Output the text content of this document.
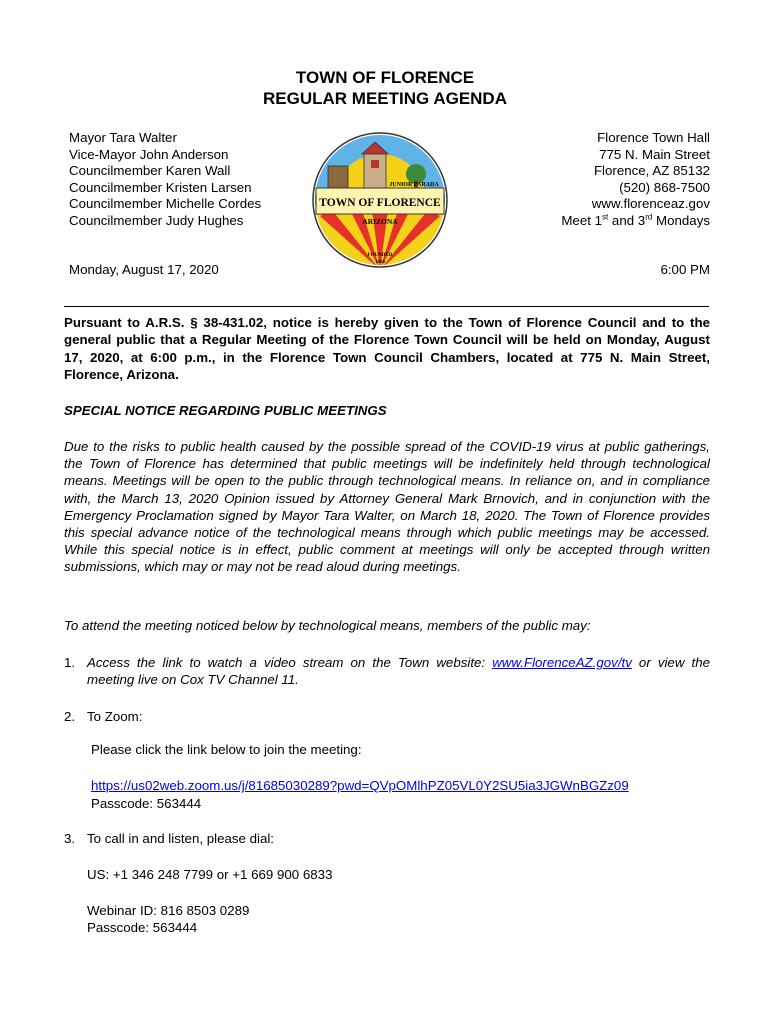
TOWN OF FLORENCE
REGULAR MEETING AGENDA
Mayor Tara Walter
Vice-Mayor John Anderson
Councilmember Karen Wall
Councilmember Kristen Larsen
Councilmember Michelle Cordes
Councilmember Judy Hughes
Florence Town Hall
775 N. Main Street
Florence, AZ 85132
(520) 868-7500
www.florenceaz.gov
Meet 1st and 3rd Mondays
JUNIOR PARADA
TOWN OF FLORENCE
ARIZONA
FOUNDED
1866
Monday, August 17, 2020	6:00 PM
Pursuant to A.R.S. § 38-431.02, notice is hereby given to the Town of Florence Council and to the general public that a Regular Meeting of the Florence Town Council will be held on Monday, August 17, 2020, at 6:00 p.m., in the Florence Town Council Chambers, located at 775 N. Main Street, Florence, Arizona.
SPECIAL NOTICE REGARDING PUBLIC MEETINGS
Due to the risks to public health caused by the possible spread of the COVID-19 virus at public gatherings, the Town of Florence has determined that public meetings will be indefinitely held through technological means. Meetings will be open to the public through technological means. In reliance on, and in compliance with, the March 13, 2020 Opinion issued by Attorney General Mark Brnovich, and in conjunction with the Emergency Proclamation signed by Mayor Tara Walter, on March 18, 2020. The Town of Florence provides this special advance notice of the technological means through which public meetings may be accessed. While this special notice is in effect, public comment at meetings will only be accepted through written submissions, which may or may not be read aloud during meetings.
To attend the meeting noticed below by technological means, members of the public may:
1. Access the link to watch a video stream on the Town website: www.FlorenceAZ.gov/tv or view the meeting live on Cox TV Channel 11.
2. To Zoom:
Please click the link below to join the meeting:
https://us02web.zoom.us/j/81685030289?pwd=QVpOMlhPZ05VL0Y2SU5ia3JGWnBGZz09
Passcode: 563444
3. To call in and listen, please dial:
US: +1 346 248 7799 or +1 669 900 6833
Webinar ID: 816 8503 0289
Passcode: 563444
